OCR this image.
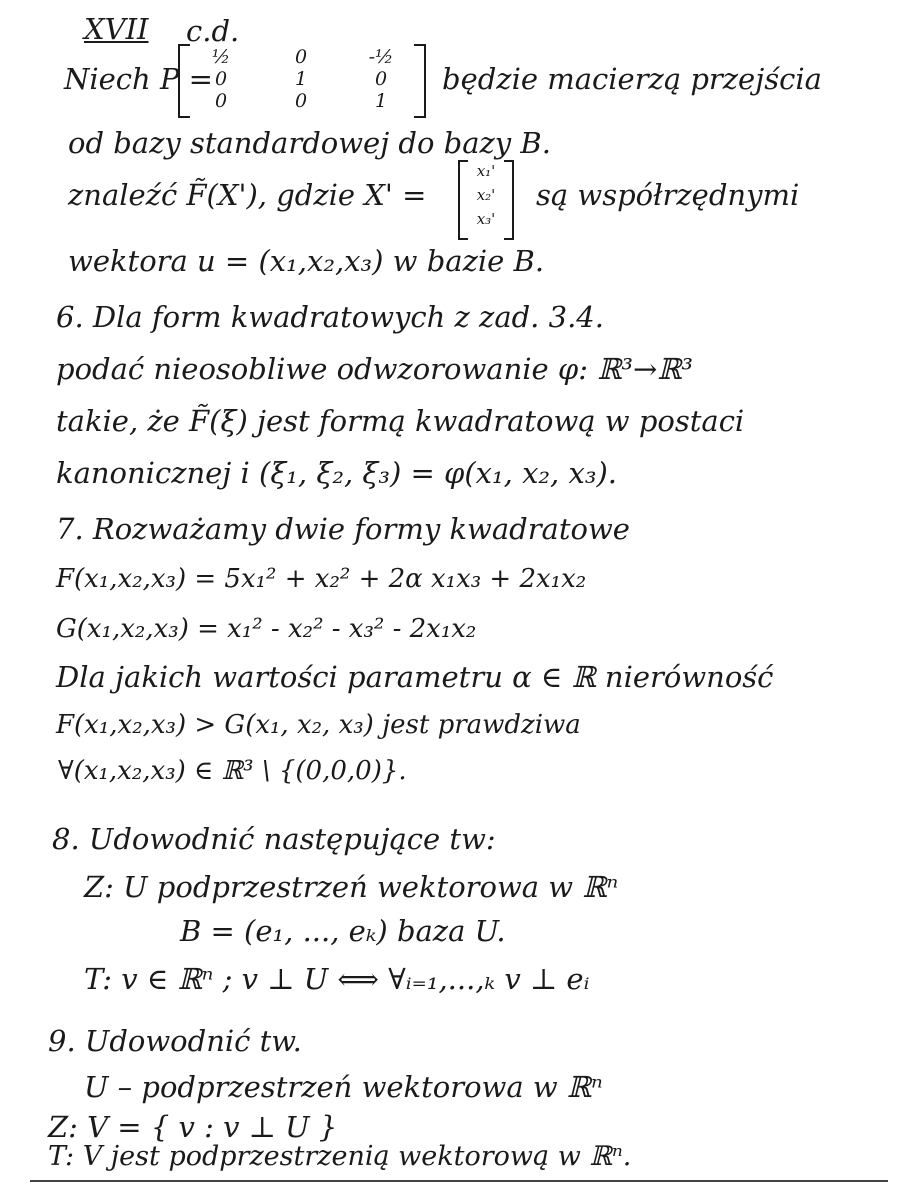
XVII c.d.
Niech P =
½	0	-½
0	1	0
0	0	1
będzie macierzą przejścia
od bazy standardowej do bazy B.
znaleźć F̃(X'), gdzie X' =
x₁'
x₂'
x₃'
są współrzędnymi
wektora u = (x₁,x₂,x₃) w bazie B.
6. Dla form kwadratowych z zad. 3.4.
podać nieosobliwe odwzorowanie φ: ℝ³→ℝ³
takie, że F̃(ξ) jest formą kwadratową w postaci
kanonicznej i (ξ₁, ξ₂, ξ₃) = φ(x₁, x₂, x₃).
7. Rozważamy dwie formy kwadratowe
F(x₁,x₂,x₃) = 5x₁² + x₂² + 2α x₁x₃ + 2x₁x₂
G(x₁,x₂,x₃) = x₁² - x₂² - x₃² - 2x₁x₂
Dla jakich wartości parametru α ∈ ℝ nierówność
F(x₁,x₂,x₃) > G(x₁, x₂, x₃) jest prawdziwa
∀(x₁,x₂,x₃) ∈ ℝ³ \ {(0,0,0)}.
8. Udowodnić następujące tw:
Z: U podprzestrzeń wektorowa w ℝⁿ
B = (e₁, ..., eₖ) baza U.
T: v ∈ ℝⁿ ; v ⊥ U ⟺ ∀ᵢ₌₁,...,ₖ v ⊥ eᵢ
9. Udowodnić tw.
U – podprzestrzeń wektorowa w ℝⁿ
Z: V = { v : v ⊥ U }
T: V jest podprzestrzenią wektorową w ℝⁿ.
